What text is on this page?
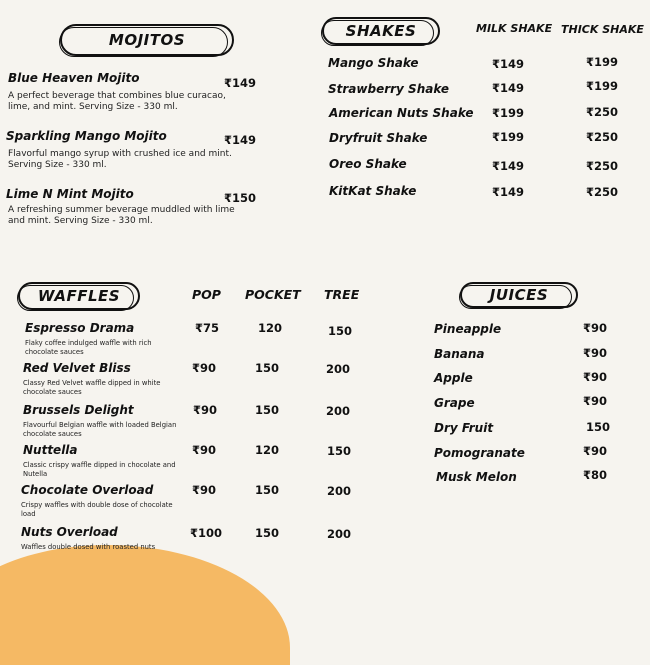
MOJITOS
Blue Heaven Mojito	₹149
A perfect beverage that combines blue curacao,
lime, and mint. Serving Size - 330 ml.
Sparkling Mango Mojito	₹149
Flavorful mango syrup with crushed ice and mint.
Serving Size - 330 ml.
Lime N Mint Mojito	₹150
A refreshing summer beverage muddled with lime
and mint. Serving Size - 330 ml.
SHAKES	MILK SHAKE THICK SHAKE
Mango Shake	₹149	₹199
Strawberry Shake	₹149	₹199
American Nuts Shake ₹199	₹250
Dryfruit Shake	₹199	₹250
Oreo Shake	₹149	₹250
KitKat Shake	₹149	₹250
WAFFLES	POP POCKET TREE
Espresso Drama
Flaky coffee indulged waffle with rich
chocolate sauces
₹75	120	150
Red Velvet Bliss
Classy Red Velvet waffle dipped in white
chocolate sauces
₹90	150	200
Brussels Delight
Flavourful Belgian waffle with loaded Belgian
chocolate sauces
₹90	150	200
Nuttella
Classic crispy waffle dipped in chocolate and
Nutella
₹90	120	150
Chocolate Overload
Crispy waffles with double dose of chocolate
load
₹90	150	200
Nuts Overload
Waffles double dosed with roasted nuts
₹100	150	200
JUICES
Pineapple	₹90
Banana	₹90
Apple	₹90
Grape	₹90
Dry Fruit	150
Pomogranate	₹90
Musk Melon	₹80
